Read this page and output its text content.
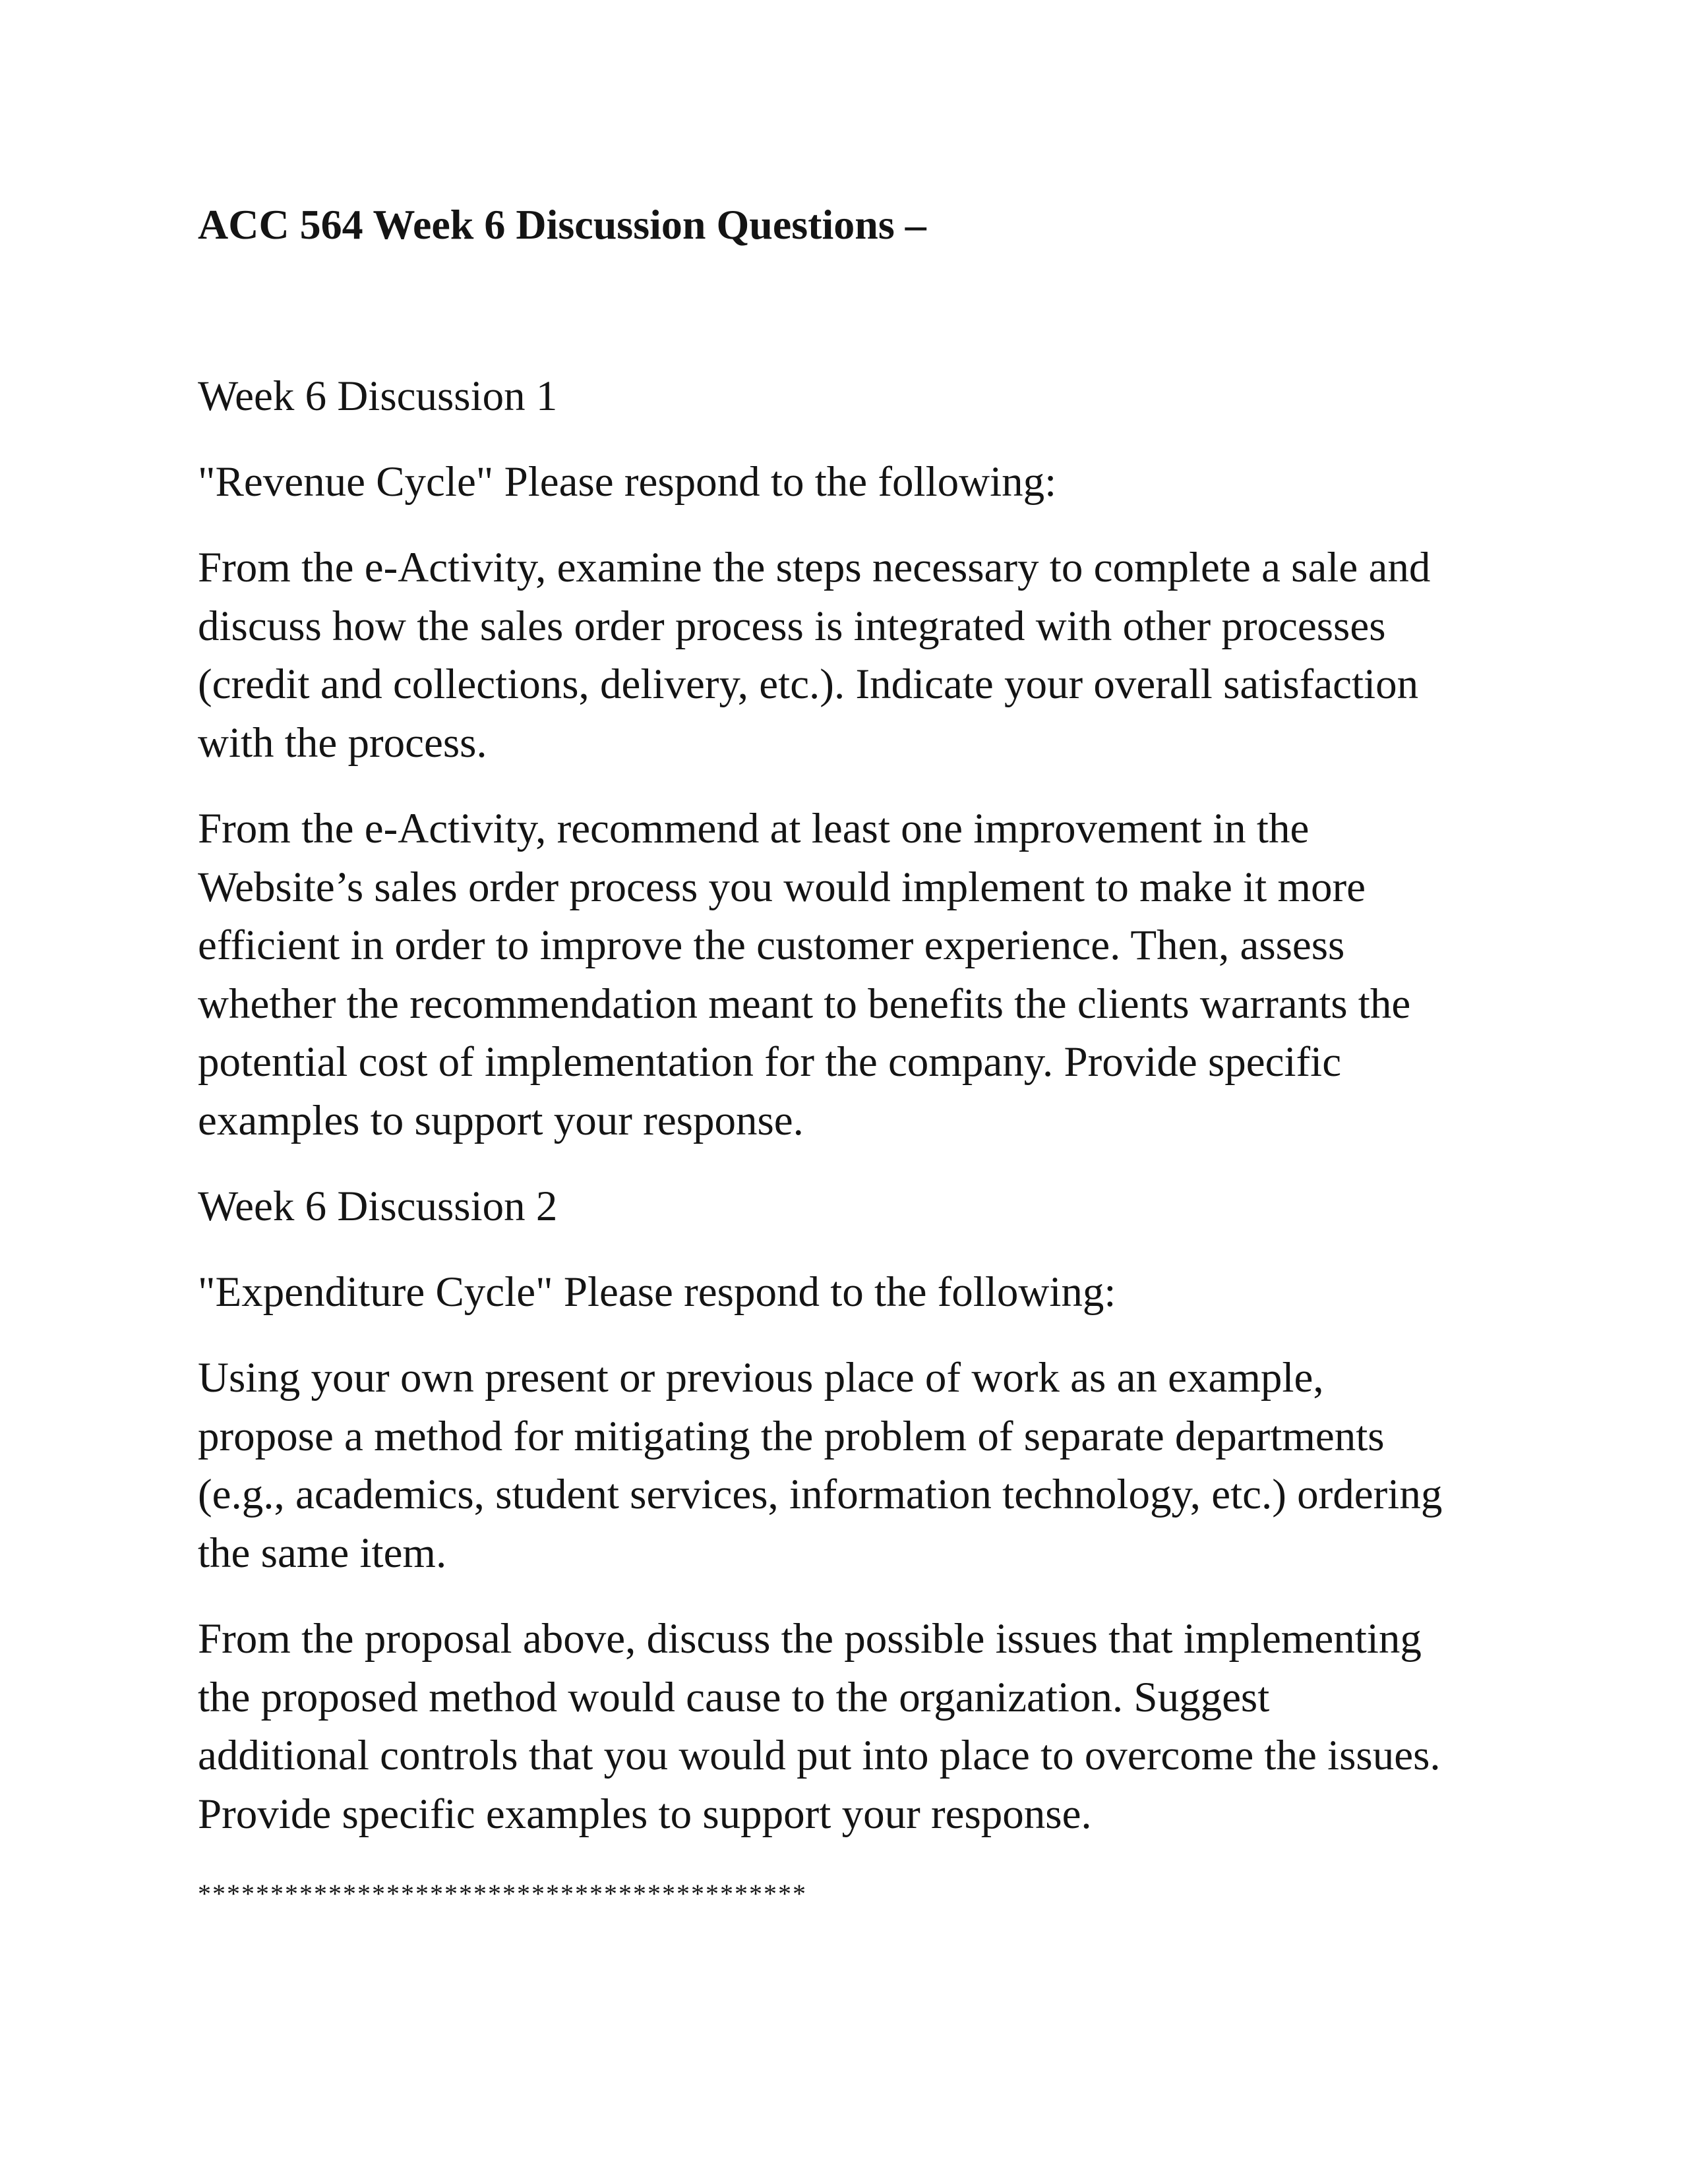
ACC 564 Week 6 Discussion Questions –

Week 6 Discussion 1

"Revenue Cycle" Please respond to the following:

From the e-Activity, examine the steps necessary to complete a sale and
discuss how the sales order process is integrated with other processes
(credit and collections, delivery, etc.). Indicate your overall satisfaction
with the process.
From the e-Activity, recommend at least one improvement in the
Website’s sales order process you would implement to make it more
efficient in order to improve the customer experience. Then, assess
whether the recommendation meant to benefits the clients warrants the
potential cost of implementation for the company. Provide specific
examples to support your response.

Week 6 Discussion 2

"Expenditure Cycle" Please respond to the following:

Using your own present or previous place of work as an example,
propose a method for mitigating the problem of separate departments
(e.g., academics, student services, information technology, etc.) ordering
the same item.
From the proposal above, discuss the possible issues that implementing
the proposed method would cause to the organization. Suggest
additional controls that you would put into place to overcome the issues.
Provide specific examples to support your response.

******************************************
